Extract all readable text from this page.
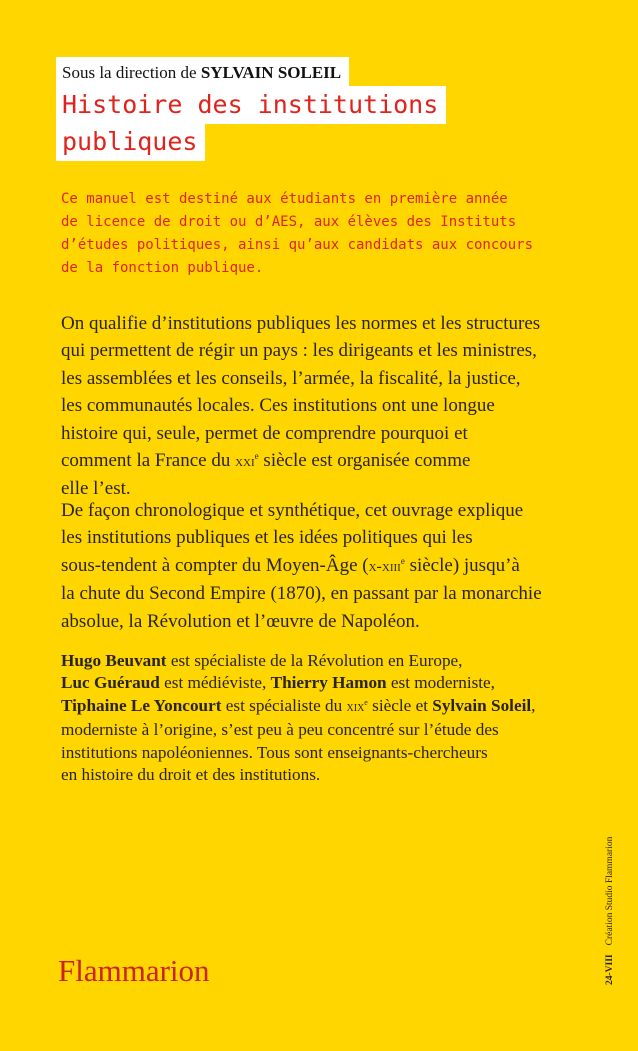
Sous la direction de SYLVAIN SOLEIL
Histoire des institutions
publiques
Ce manuel est destiné aux étudiants en première année
de licence de droit ou d’AES, aux élèves des Instituts
d’études politiques, ainsi qu’aux candidats aux concours
de la fonction publique.
On qualifie d’institutions publiques les normes et les structures
qui permettent de régir un pays : les dirigeants et les ministres,
les assemblées et les conseils, l’armée, la fiscalité, la justice,
les communautés locales. Ces institutions ont une longue
histoire qui, seule, permet de comprendre pourquoi et
comment la France du xxi$^e$ siècle est organisée comme
elle l’est.
De façon chronologique et synthétique, cet ouvrage explique
les institutions publiques et les idées politiques qui les
sous-tendent à compter du Moyen-Âge (x-xiii$^e$ siècle) jusqu’à
la chute du Second Empire (1870), en passant par la monarchie
absolue, la Révolution et l’œuvre de Napoléon.
Hugo Beuvant est spécialiste de la Révolution en Europe,
Luc Guéraud est médiéviste, Thierry Hamon est moderniste,
Tiphaine Le Yoncourt est spécialiste du xix$^e$ siècle et Sylvain Soleil,
moderniste à l’origine, s’est peu à peu concentré sur l’étude des
institutions napoléoniennes. Tous sont enseignants-chercheurs
en histoire du droit et des institutions.
Flammarion	24-VIIICréation Studio Flammarion
